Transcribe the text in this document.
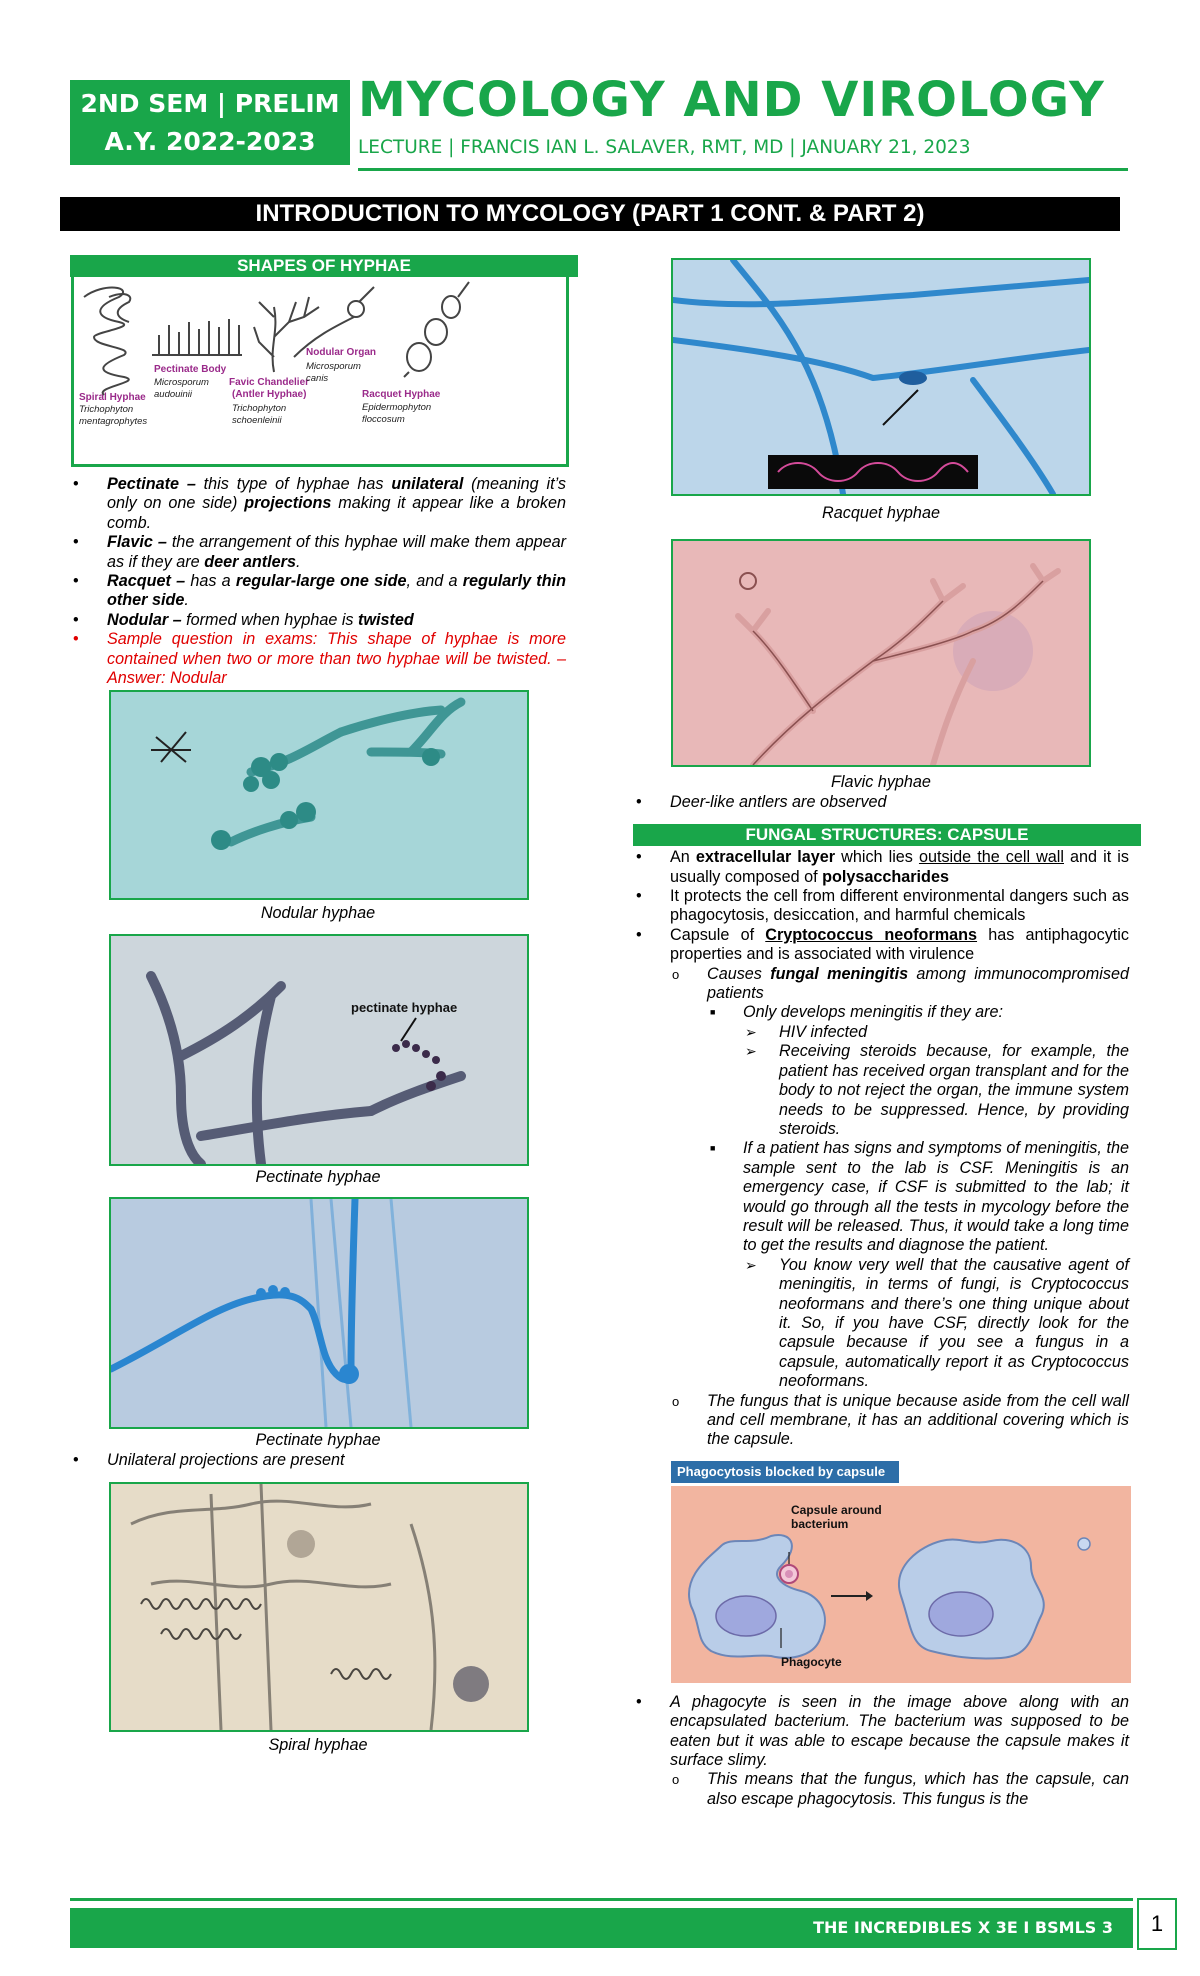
2ND SEM | PRELIM
A.Y. 2022-2023
MYCOLOGY AND VIROLOGY
LECTURE | FRANCIS IAN L. SALAVER, RMT, MD | JANUARY 21, 2023
INTRODUCTION TO MYCOLOGY (PART 1 CONT. & PART 2)
SHAPES OF HYPHAE
Spiral Hyphae
Trichophyton
mentagrophytes
Pectinate Body
Microsporum
audouinii
Favic Chandelier
(Antler Hyphae)
Trichophyton
schoenleinii
Nodular Organ
Microsporum
canis
Racquet Hyphae
Epidermophyton
floccosum
• Pectinate – this type of hyphae has unilateral (meaning it’s only on one side) projections making it appear like a broken comb.
• Flavic – the arrangement of this hyphae will make them appear as if they are deer antlers.
• Racquet – has a regular-large one side, and a regularly thin other side.
• Nodular – formed when hyphae is twisted
• Sample question in exams: This shape of hyphae is more contained when two or more than two hyphae will be twisted. – Answer: Nodular
Nodular hyphae
pectinate hyphae
Pectinate hyphae
Pectinate hyphae
• Unilateral projections are present
Spiral hyphae
Racquet hyphae
Flavic hyphae
• Deer-like antlers are observed
FUNGAL STRUCTURES: CAPSULE
• An extracellular layer which lies outside the cell wall and it is usually composed of polysaccharides
• It protects the cell from different environmental dangers such as phagocytosis, desiccation, and harmful chemicals
• Capsule of Cryptococcus neoformans has antiphagocytic properties and is associated with virulence
o Causes fungal meningitis among immunocompromised patients
■ Only develops meningitis if they are:
➢ HIV infected
➢ Receiving steroids because, for example, the patient has received organ transplant and for the body to not reject the organ, the immune system needs to be suppressed. Hence, by providing steroids.
■ If a patient has signs and symptoms of meningitis, the sample sent to the lab is CSF. Meningitis is an emergency case, if CSF is submitted to the lab; it would go through all the tests in mycology before the result will be released. Thus, it would take a long time to get the results and diagnose the patient.
➢ You know very well that the causative agent of meningitis, in terms of fungi, is Cryptococcus neoformans and there’s one thing unique about it. So, if you have CSF, directly look for the capsule because if you see a fungus in a capsule, automatically report it as Cryptococcus neoformans.
o The fungus that is unique because aside from the cell wall and cell membrane, it has an additional covering which is the capsule.
Phagocytosis blocked by capsule
Capsule around
bacterium
Phagocyte
• A phagocyte is seen in the image above along with an encapsulated bacterium. The bacterium was supposed to be eaten but it was able to escape because the capsule makes it surface slimy.
o This means that the fungus, which has the capsule, can also escape phagocytosis. This fungus is the
THE INCREDIBLES X 3E I BSMLS 3	1
